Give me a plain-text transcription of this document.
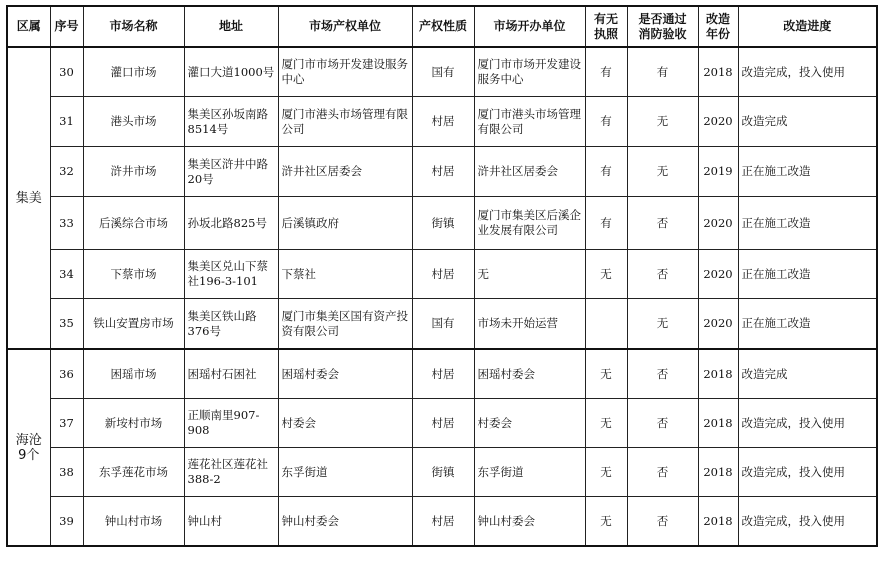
区属	序号	市场名称	地址	市场产权单位	产权性质	市场开办单位	有无执照	是否通过消防验收	改造年份	改造进度
集美	30	灌口市场	灌口大道1000号	厦门市市场开发建设服务中心	国有	厦门市市场开发建设服务中心	有	有	2018	改造完成，投入使用
	31	港头市场	集美区孙坂南路8514号	厦门市港头市场管理有限公司	村居	厦门市港头市场管理有限公司	有	无	2020	改造完成
	32	浒井市场	集美区浒井中路20号	浒井社区居委会	村居	浒井社区居委会	有	无	2019	正在施工改造
	33	后溪综合市场	孙坂北路825号	后溪镇政府	街镇	厦门市集美区后溪企业发展有限公司	有	否	2020	正在施工改造
	34	下蔡市场	集美区兑山下蔡社196-3-101	下蔡社	村居	无	无	否	2020	正在施工改造
	35	铁山安置房市场	集美区铁山路376号	厦门市集美区国有资产投资有限公司	国有	市场未开始运营		无	2020	正在施工改造
海沧9个	36	困瑶市场	困瑶村石困社	困瑶村委会	村居	困瑶村委会	无	否	2018	改造完成
	37	新垵村市场	正顺南里907-908	村委会	村居	村委会	无	否	2018	改造完成，投入使用
	38	东孚莲花市场	莲花社区莲花社388-2	东孚街道	街镇	东孚街道	无	否	2018	改造完成，投入使用
	39	钟山村市场	钟山村	钟山村委会	村居	钟山村委会	无	否	2018	改造完成，投入使用
